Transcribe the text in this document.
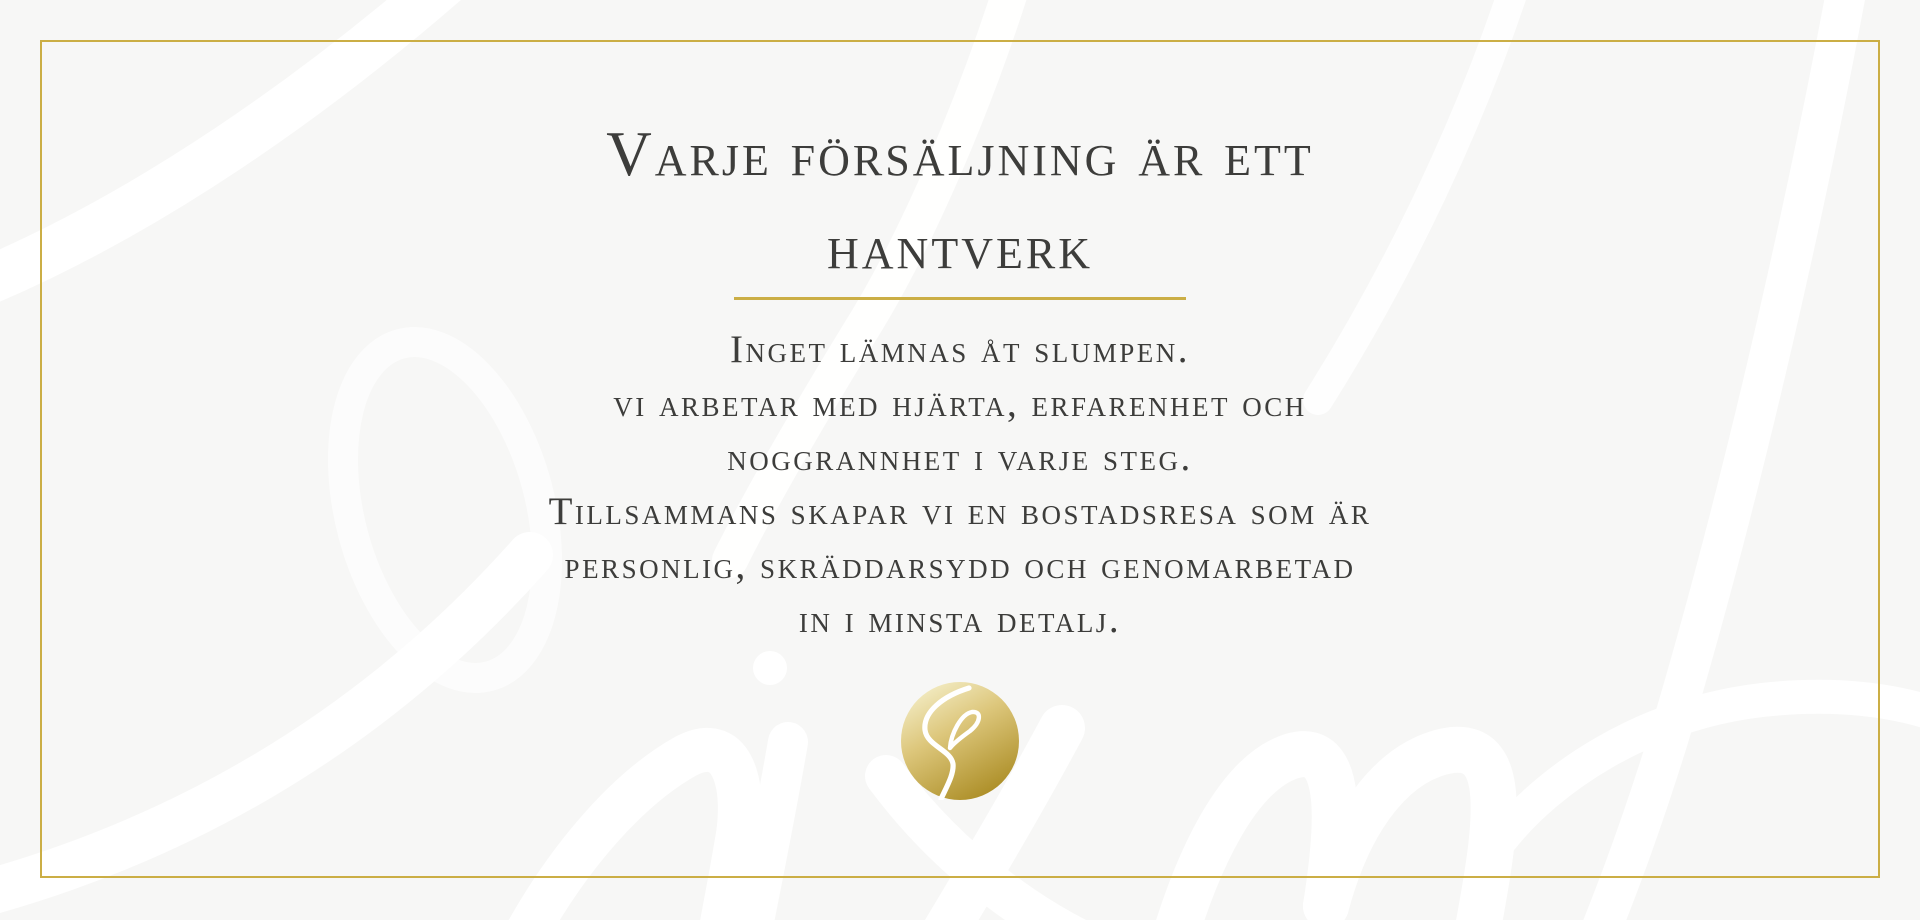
Varje försäljning är ett
hantverk
Inget lämnas åt slumpen.
vi arbetar med hjärta, erfarenhet och
noggrannhet i varje steg.
Tillsammans skapar vi en bostadsresa som är
personlig, skräddarsydd och genomarbetad
in i minsta detalj.
